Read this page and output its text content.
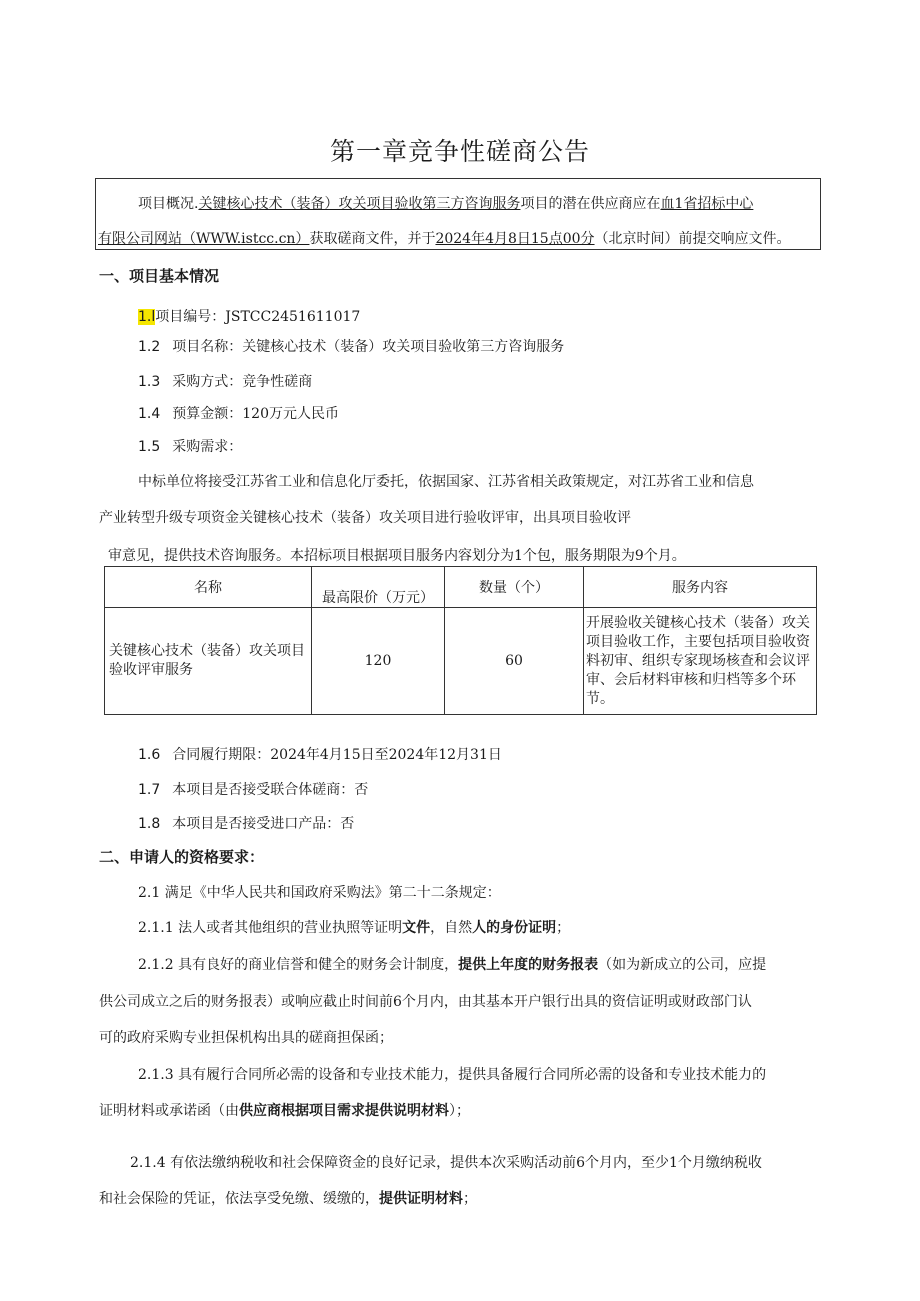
第一章竞争性磋商公告
项目概况.关键核心技术（装备）攻关项目验收第三方咨询服务项目的潜在供应商应在血1省招标中心
有限公司网站（WWW.istcc.cn）获取磋商文件，并于2024年4月8日15点00分（北京时间）前提交响应文件。
一、项目基本情况
1.l项目编号：JSTCC2451611017
1.2 项目名称：关键核心技术（装备）攻关项目验收第三方咨询服务
1.3 采购方式：竞争性磋商
1.4 预算金额：120万元人民币
1.5 采购需求：
中标单位将接受江苏省工业和信息化厅委托，依据国家、江苏省相关政策规定，对江苏省工业和信息
产业转型升级专项资金关键核心技术（装备）攻关项目进行验收评审，出具项目验收评
审意见，提供技术咨询服务。本招标项目根据项目服务内容划分为1个包，服务期限为9个月。
名称	最高限价（万元）	数量（个）	服务内容
关键核心技术（装备）攻关项目验收评审服务	120	60	开展验收关键核心技术（装备）攻关项目验收工作，主要包括项目验收资料初审、组织专家现场核查和会议评审、会后材料审核和归档等多个环节。
1.6 合同履行期限：2024年4月15日至2024年12月31日
1.7 本项目是否接受联合体磋商：否
1.8 本项目是否接受进口产品：否
二、申请人的资格要求：
2.1 满足《中华人民共和国政府采购法》第二十二条规定：
2.1.1 法人或者其他组织的营业执照等证明文件，自然人的身份证明；
2.1.2 具有良好的商业信誉和健全的财务会计制度，提供上年度的财务报表（如为新成立的公司，应提
供公司成立之后的财务报表）或响应截止时间前6个月内，由其基本开户银行出具的资信证明或财政部门认
可的政府采购专业担保机构出具的磋商担保函；
2.1.3 具有履行合同所必需的设备和专业技术能力，提供具备履行合同所必需的设备和专业技术能力的
证明材料或承诺函（由供应商根据项目需求提供说明材料）；
2.1.4 有依法缴纳税收和社会保障资金的良好记录，提供本次采购活动前6个月内，至少1个月缴纳税收
和社会保险的凭证，依法享受免缴、缓缴的，提供证明材料；
